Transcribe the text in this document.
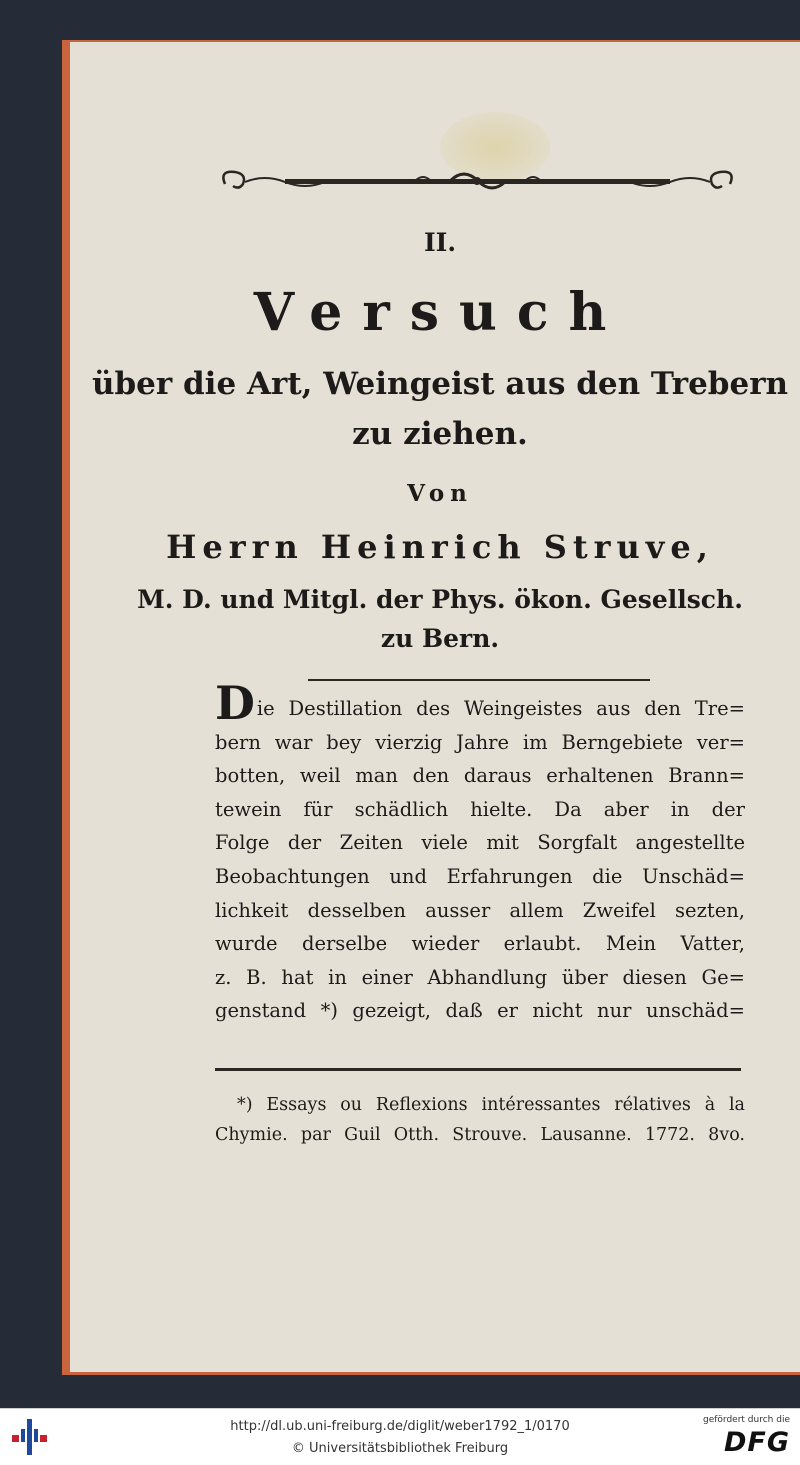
II.
Versuch
über die Art, Weingeist aus den Trebern
zu ziehen.
Von
Herrn Heinrich Struve,
M. D. und Mitgl. der Phys. ökon. Gesellsch.
zu Bern.
Die Destillation des Weingeistes aus den Tre=
bern war bey vierzig Jahre im Berngebiete ver=
botten, weil man den daraus erhaltenen Brann=
tewein für schädlich hielte. Da aber in der
Folge der Zeiten viele mit Sorgfalt angestellte
Beobachtungen und Erfahrungen die Unschäd=
lichkeit desselben ausser allem Zweifel sezten,
wurde derselbe wieder erlaubt. Mein Vatter,
z. B. hat in einer Abhandlung über diesen Ge=
genstand *) gezeigt, daß er nicht nur unschäd=
*) Essays ou Reflexions intéressantes rélatives à la
Chymie. par Guil Otth. Strouve. Lausanne. 1772. 8vo.
http://dl.ub.uni-freiburg.de/diglit/weber1792_1/0170
© Universitätsbibliothek Freiburg
gefördert durch die
DFG
